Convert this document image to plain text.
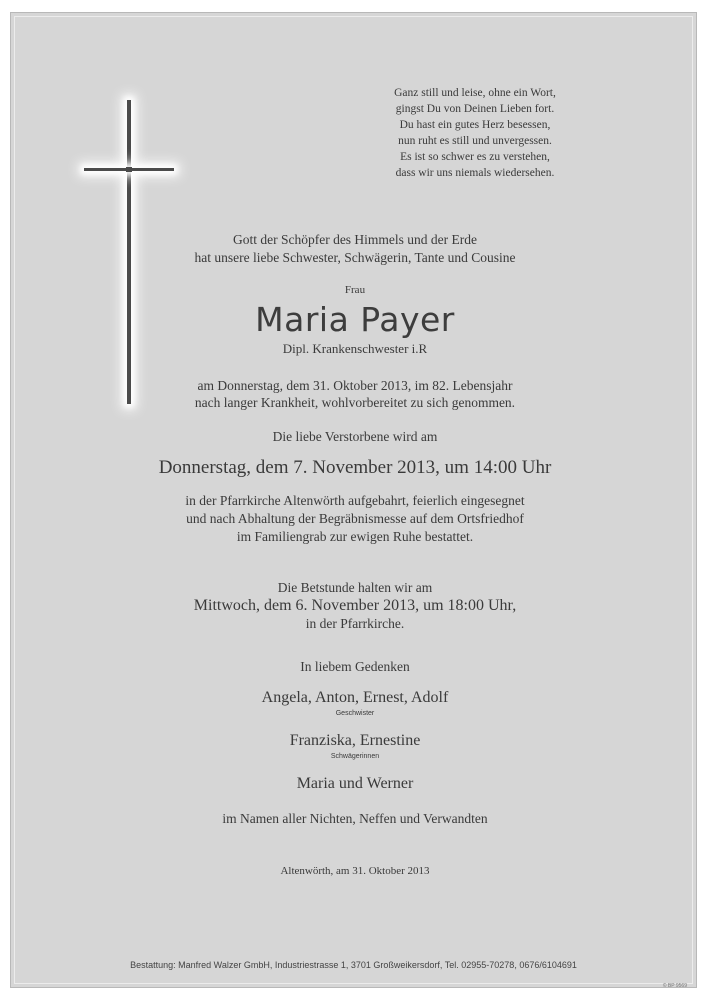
Ganz still und leise, ohne ein Wort,
gingst Du von Deinen Lieben fort.
Du hast ein gutes Herz besessen,
nun ruht es still und unvergessen.
Es ist so schwer es zu verstehen,
dass wir uns niemals wiedersehen.
Gott der Schöpfer des Himmels und der Erde
hat unsere liebe Schwester, Schwägerin, Tante und Cousine
Frau
Maria Payer
Dipl. Krankenschwester i.R
am Donnerstag, dem 31. Oktober 2013, im 82. Lebensjahr
nach langer Krankheit, wohlvorbereitet zu sich genommen.
Die liebe Verstorbene wird am
Donnerstag, dem 7. November 2013, um 14:00 Uhr
in der Pfarrkirche Altenwörth aufgebahrt, feierlich eingesegnet
und nach Abhaltung der Begräbnismesse auf dem Ortsfriedhof
im Familiengrab zur ewigen Ruhe bestattet.
Die Betstunde halten wir am
Mittwoch, dem 6. November 2013, um 18:00 Uhr,
in der Pfarrkirche.
In liebem Gedenken
Angela, Anton, Ernest, Adolf
Geschwister
Franziska, Ernestine
Schwägerinnen
Maria und Werner
im Namen aller Nichten, Neffen und Verwandten
Altenwörth, am 31. Oktober 2013
Bestattung: Manfred Walzer GmbH, Industriestrasse 1, 3701 Großweikersdorf, Tel. 02955-70278, 0676/6104691
© BP 9569
